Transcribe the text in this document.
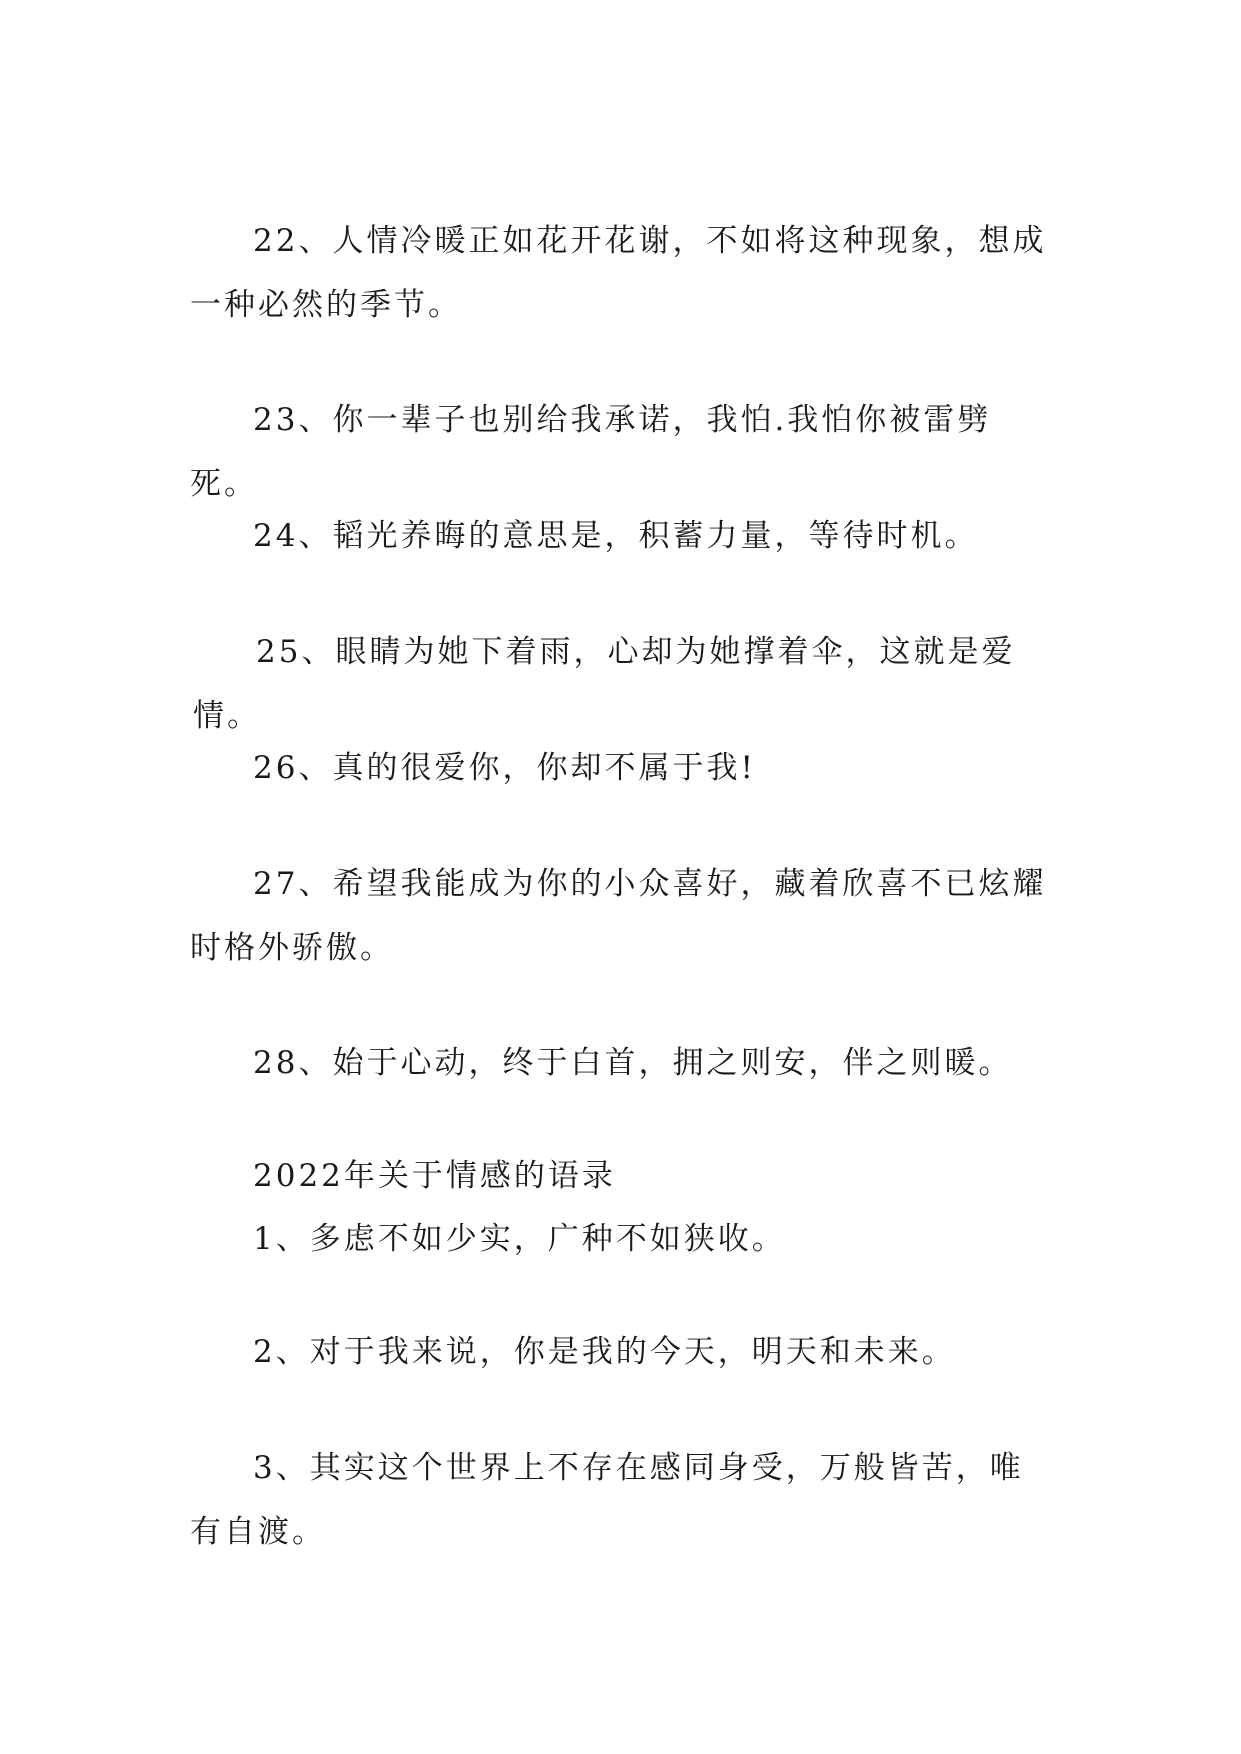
22、人情冷暖正如花开花谢，不如将这种现象，想成一种必然的季节。

23、你一辈子也别给我承诺，我怕.我怕你被雷劈死。

24、韬光养晦的意思是，积蓄力量，等待时机。

25、眼睛为她下着雨，心却为她撑着伞，这就是爱情。

26、真的很爱你，你却不属于我!

27、希望我能成为你的小众喜好，藏着欣喜不已炫耀时格外骄傲。

28、始于心动，终于白首，拥之则安，伴之则暖。

2022年关于情感的语录

1、多虑不如少实，广种不如狭收。

2、对于我来说，你是我的今天，明天和未来。

3、其实这个世界上不存在感同身受，万般皆苦，唯有自渡。
